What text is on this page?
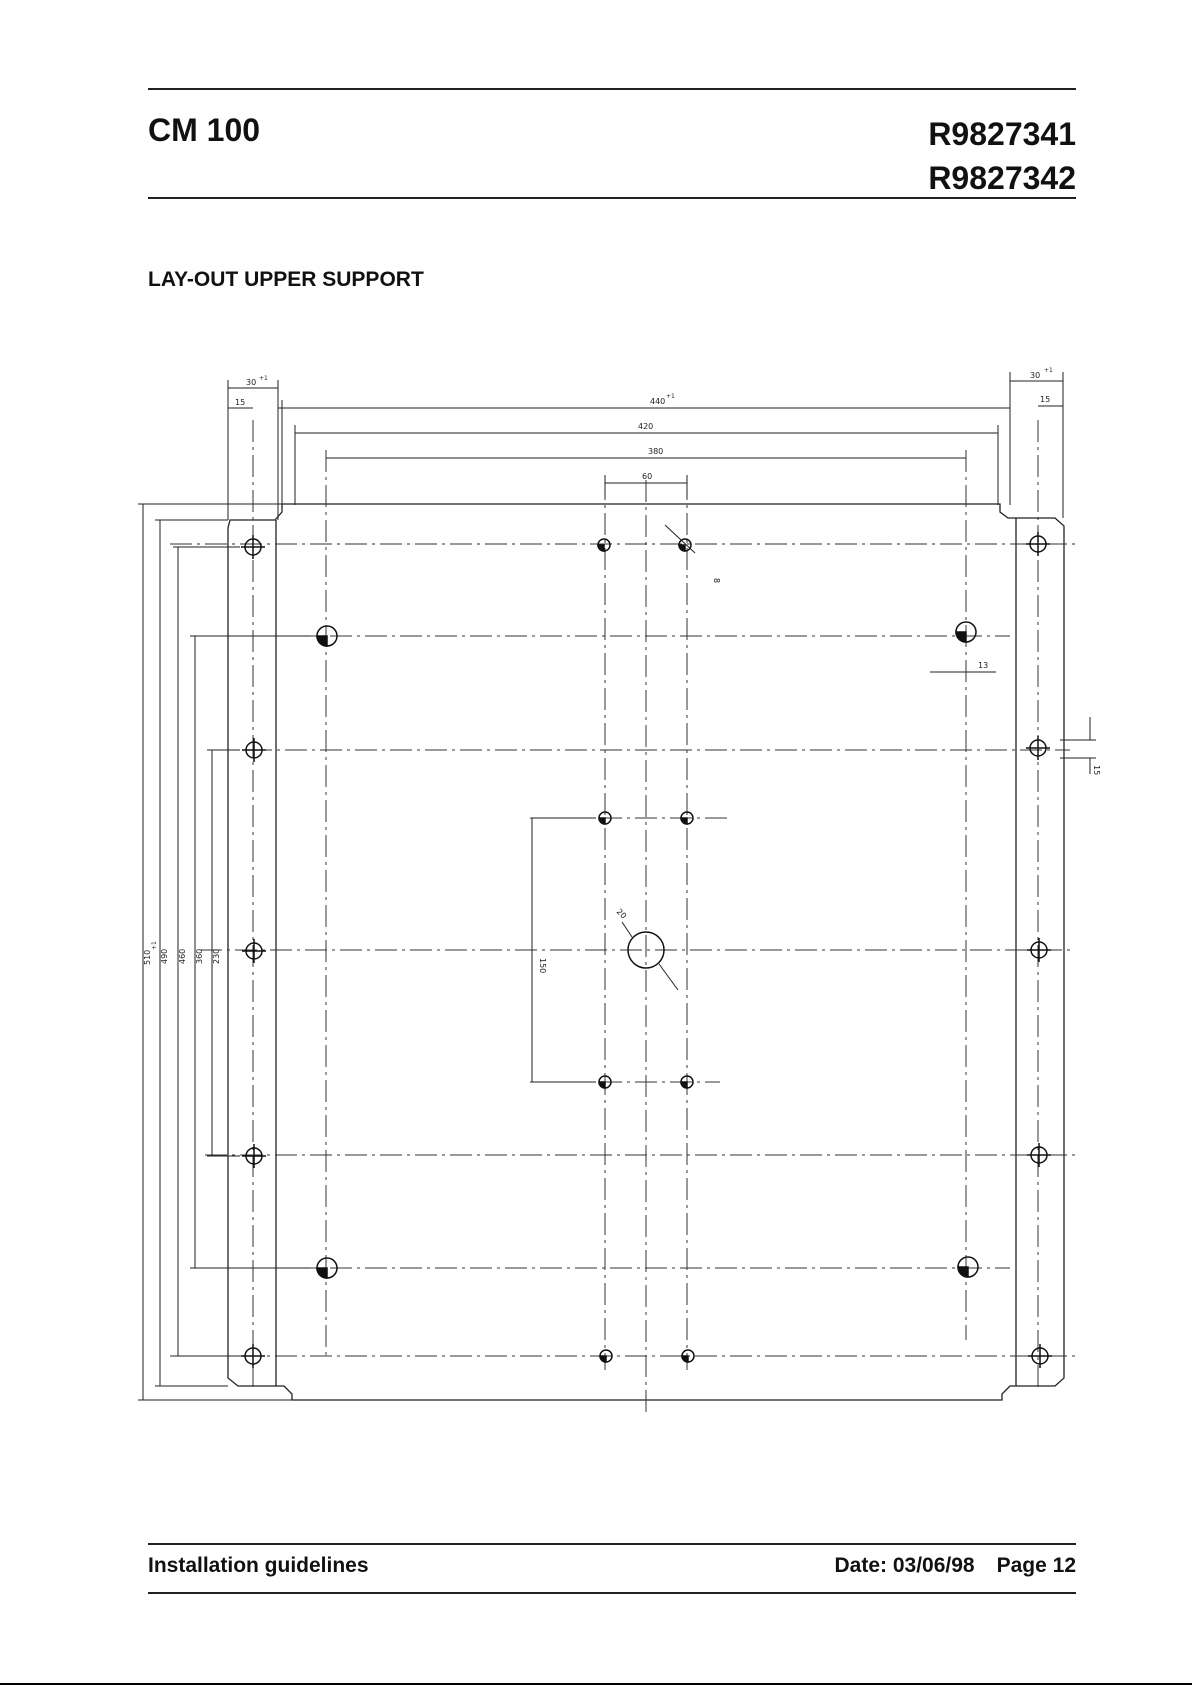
CM 100	R9827341
R9827342
LAY-OUT UPPER SUPPORT
30 +1
15	440
+1
420
380
60
30
+1
15
510
+1
490 460 360 230
150
8
20
13
15
Installation guidelines	Date: 03/06/98 Page 12
